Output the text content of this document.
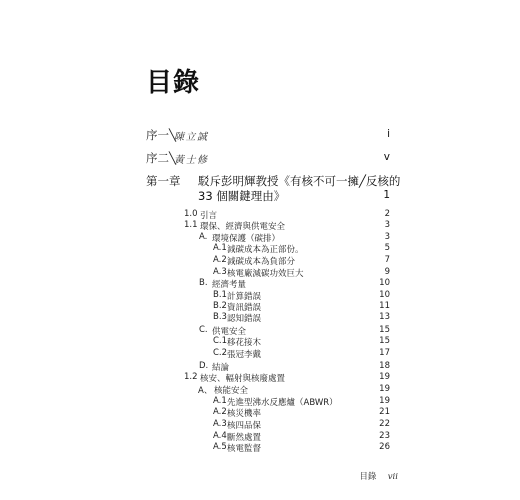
目錄
序一╲
陳立誠	i
序二╲
黃士修	v
第一章 駁斥彭明輝教授《有核不可一擁╱反核的
33 個關鍵理由》	1
1.0 引言	2
1.1 環保、經濟與供電安全	3
A. 環境保護（碳排）	3
A.1 減碳成本為正部份。	5
A.2 減碳成本為負部分	7
A.3 核電廠減碳功效巨大	9
B. 經濟考量	10
B.1 計算錯誤	10
B.2 資訊錯誤	11
B.3 認知錯誤	13
C. 供電安全	15
C.1 移花接木	15
C.2 張冠李戴	17
D. 結論	18
1.2 核安、輻射與核廢處置	19
A、 核能安全	19
A.1 先進型沸水反應爐（ABWR）	19
A.2 核災機率	21
A.3 核四品保	22
A.4 斷然處置	23
A.5 核電監督	26
目錄 vii
